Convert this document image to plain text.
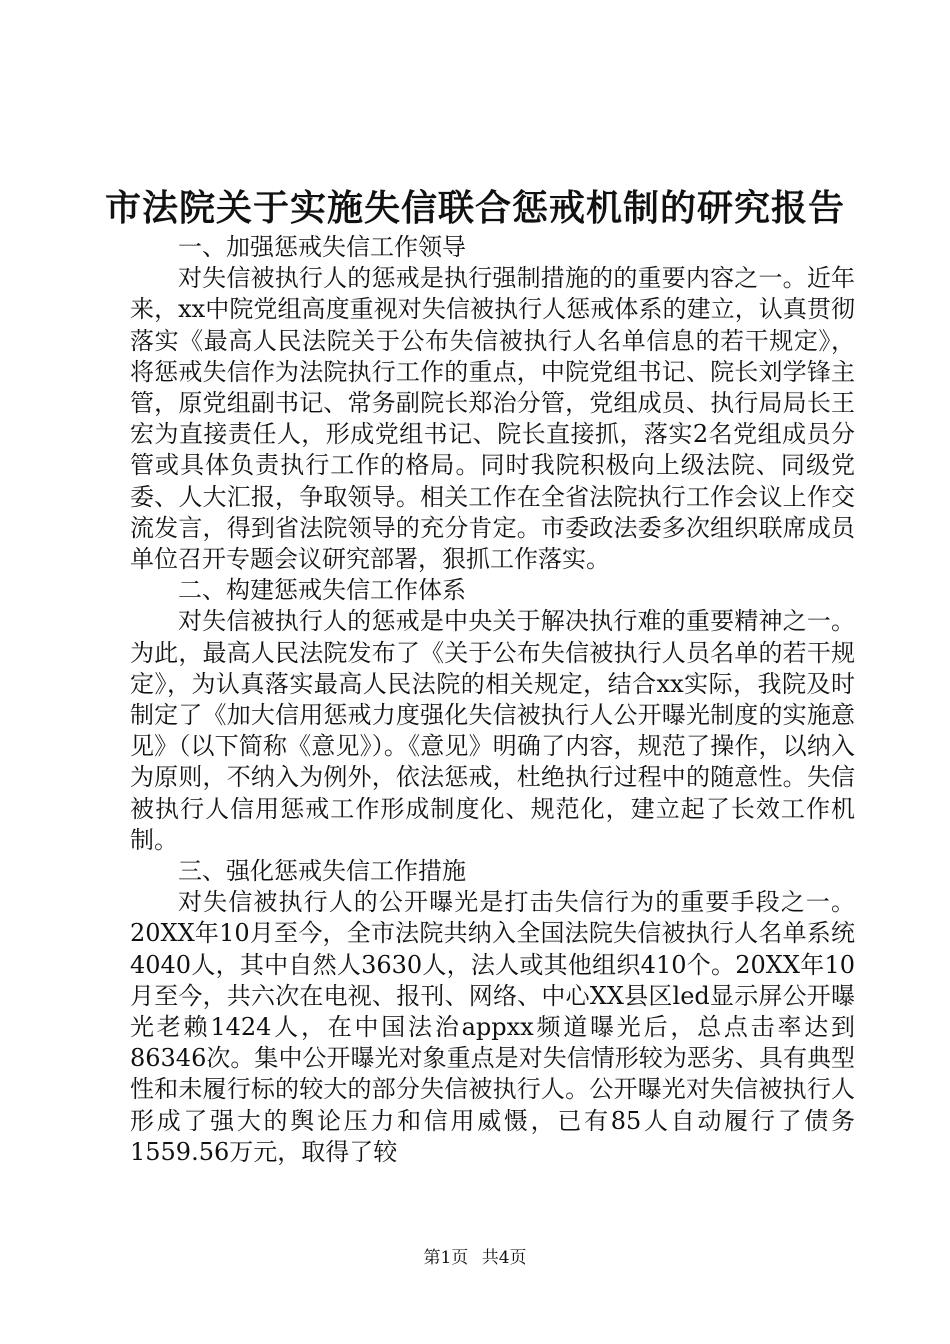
市法院关于实施失信联合惩戒机制的研究报告

一、加强惩戒失信工作领导

对失信被执行人的惩戒是执行强制措施的的重要内容之一。近年来，xx中院党组高度重视对失信被执行人惩戒体系的建立，认真贯彻落实《最高人民法院关于公布失信被执行人名单信息的若干规定》，将惩戒失信作为法院执行工作的重点，中院党组书记、院长刘学锋主管，原党组副书记、常务副院长郑治分管，党组成员、执行局局长王宏为直接责任人，形成党组书记、院长直接抓，落实2名党组成员分管或具体负责执行工作的格局。同时我院积极向上级法院、同级党委、人大汇报，争取领导。相关工作在全省法院执行工作会议上作交流发言，得到省法院领导的充分肯定。市委政法委多次组织联席成员单位召开专题会议研究部署，狠抓工作落实。

二、构建惩戒失信工作体系

对失信被执行人的惩戒是中央关于解决执行难的重要精神之一。为此，最高人民法院发布了《关于公布失信被执行人员名单的若干规定》，为认真落实最高人民法院的相关规定，结合xx实际，我院及时制定了《加大信用惩戒力度强化失信被执行人公开曝光制度的实施意见》（以下简称《意见》）。《意见》明确了内容，规范了操作，以纳入为原则，不纳入为例外，依法惩戒，杜绝执行过程中的随意性。失信被执行人信用惩戒工作形成制度化、规范化，建立起了长效工作机制。

三、强化惩戒失信工作措施

对失信被执行人的公开曝光是打击失信行为的重要手段之一。20XX年10月至今，全市法院共纳入全国法院失信被执行人名单系统4040人，其中自然人3630人，法人或其他组织410个。20XX年10月至今，共六次在电视、报刊、网络、中心XX县区led显示屏公开曝光老赖1424人，在中国法治appxx频道曝光后，总点击率达到86346次。集中公开曝光对象重点是对失信情形较为恶劣、具有典型性和未履行标的较大的部分失信被执行人。公开曝光对失信被执行人形成了强大的舆论压力和信用威慑，已有85人自动履行了债务1559.56万元，取得了较

第1页 共4页
